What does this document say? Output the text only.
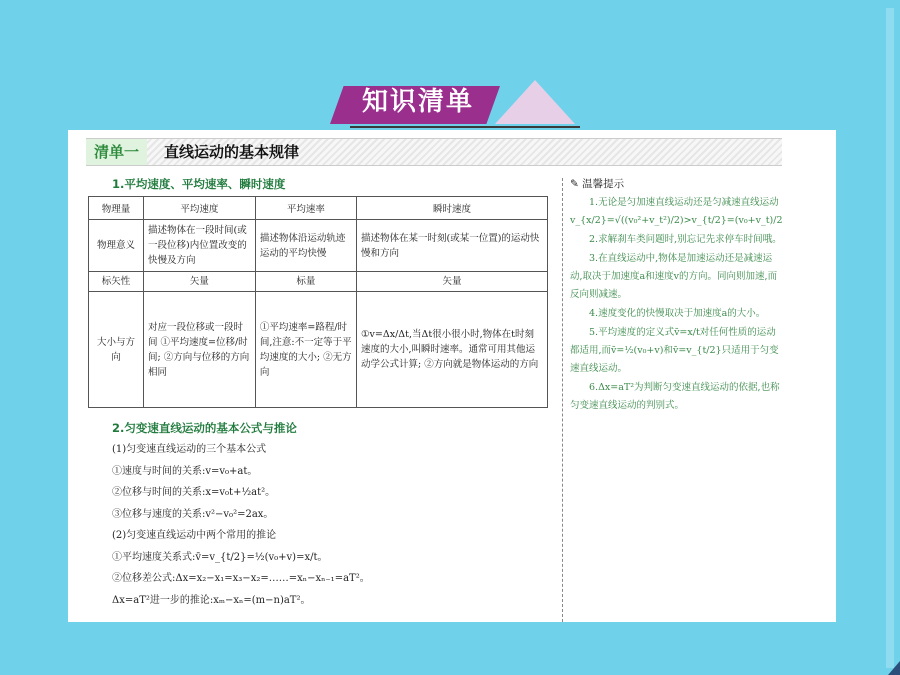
知识清单
清单一	直线运动的基本规律
1.平均速度、平均速率、瞬时速度
物理量	平均速度	平均速率	瞬时速度
物理意义	描述物体在一段时间(或一段位移)内位置改变的快慢及方向	描述物体沿运动轨迹运动的平均快慢	描述物体在某一时刻(或某一位置)的运动快慢和方向
标矢性	矢量	标量	矢量
大小与方向	对应一段位移或一段时间 ①平均速度=位移/时间; ②方向与位移的方向相同	①平均速率=路程/时间,注意:不一定等于平均速度的大小; ②无方向	①v=Δx/Δt,当Δt很小很小时,物体在t时刻速度的大小,叫瞬时速率。通常可用其他运动学公式计算; ②方向就是物体运动的方向
2.匀变速直线运动的基本公式与推论
(1)匀变速直线运动的三个基本公式
①速度与时间的关系:v=v₀+at。
②位移与时间的关系:x=v₀t+½at²。
③位移与速度的关系:v²−v₀²=2ax。
(2)匀变速直线运动中两个常用的推论
①平均速度关系式:v̄=v_{t/2}=½(v₀+v)=x/t。
②位移差公式:Δx=x₂−x₁=x₃−x₂=……=xₙ−xₙ₋₁=aT²。
Δx=aT²进一步的推论:xₘ−xₙ=(m−n)aT²。
✎ 温馨提示

1.无论是匀加速直线运动还是匀减速直线运动v_{x/2}=√((v₀²+v_t²)/2)>v_{t/2}=(v₀+v_t)/2

2.求解刹车类问题时,别忘记先求停车时间哦。

3.在直线运动中,物体是加速运动还是减速运动,取决于加速度a和速度v的方向。同向则加速,而反向则减速。

4.速度变化的快慢取决于加速度a的大小。

5.平均速度的定义式v̄=x/t对任何性质的运动都适用,而v̄=½(v₀+v)和v̄=v_{t/2}只适用于匀变速直线运动。

6.Δx=aT²为判断匀变速直线运动的依据,也称匀变速直线运动的判别式。
